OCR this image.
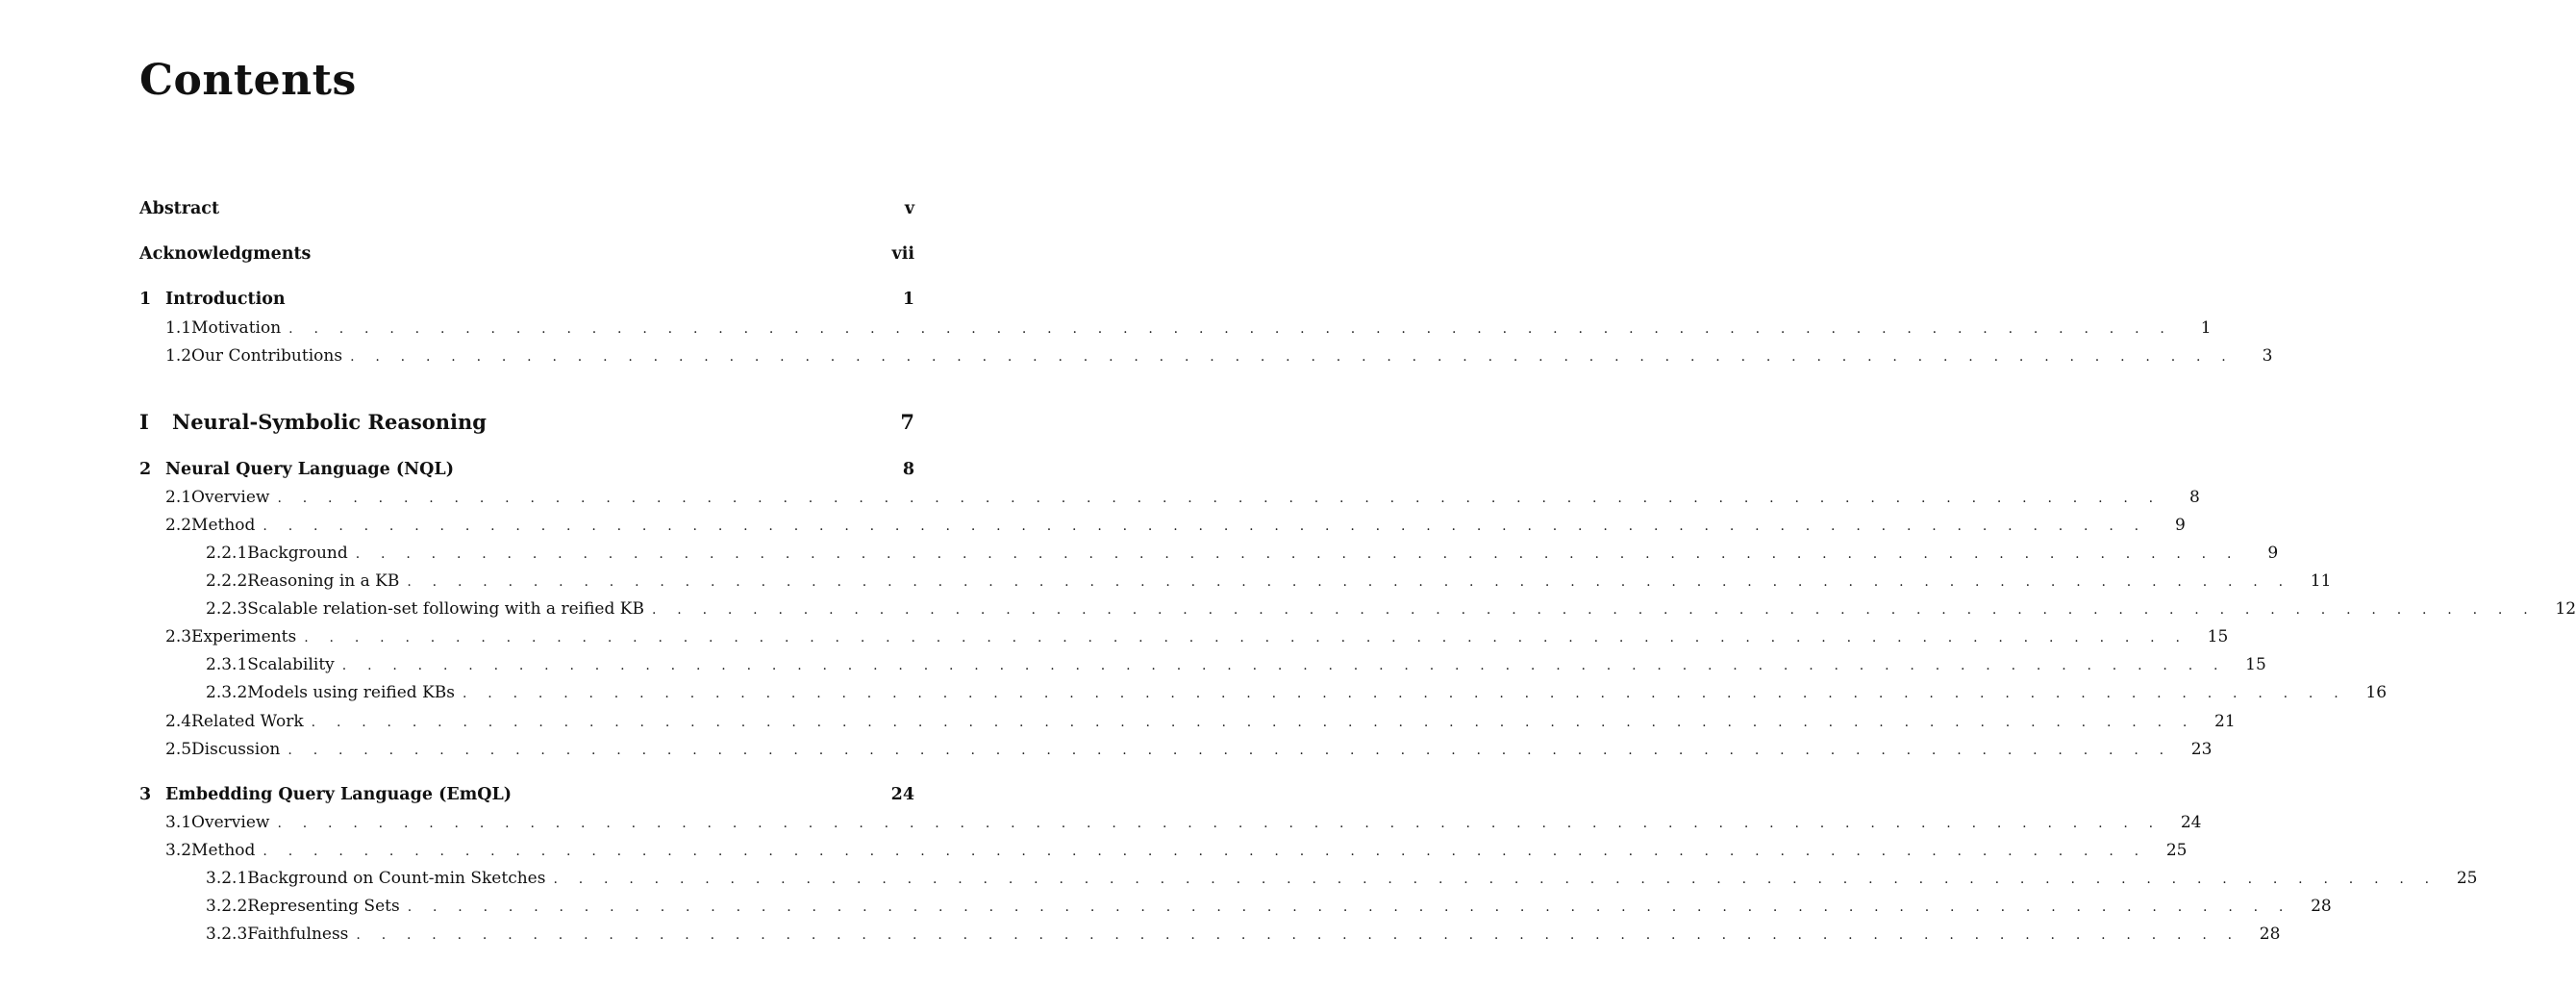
Contents
Abstract	v
Acknowledgments	vii
1 Introduction	1
1.1 Motivation . . . . . . . . . . . . . . . . . . . . . . . . . . . . . . . . . . . . . . . . . . . . . . . . . . . . . . . . . . . . . . . . . . . . . . . . . . .	1
1.2 Our Contributions . . . . . . . . . . . . . . . . . . . . . . . . . . . . . . . . . . . . . . . . . . . . . . . . . . . . . . . . . . . . . . . . . . . . . . . . . . .	3
I	Neural-Symbolic Reasoning	7
2 Neural Query Language (NQL)	8
2.1 Overview . . . . . . . . . . . . . . . . . . . . . . . . . . . . . . . . . . . . . . . . . . . . . . . . . . . . . . . . . . . . . . . . . . . . . . . . . . .	8
2.2 Method . . . . . . . . . . . . . . . . . . . . . . . . . . . . . . . . . . . . . . . . . . . . . . . . . . . . . . . . . . . . . . . . . . . . . . . . . . .	9
2.2.1 Background . . . . . . . . . . . . . . . . . . . . . . . . . . . . . . . . . . . . . . . . . . . . . . . . . . . . . . . . . . . . . . . . . . . . . . . . . . .	9
2.2.2 Reasoning in a KB . . . . . . . . . . . . . . . . . . . . . . . . . . . . . . . . . . . . . . . . . . . . . . . . . . . . . . . . . . . . . . . . . . . . . . . . . . . 11
2.2.3 Scalable relation-set following with a reified KB . . . . . . . . . . . . . . . . . . . . . . . . . . . . . . . . . . . . . . . . . . . . . . . . . . . . . . . . . . . . . . . . . . . . . . . . . . . 12
2.3 Experiments . . . . . . . . . . . . . . . . . . . . . . . . . . . . . . . . . . . . . . . . . . . . . . . . . . . . . . . . . . . . . . . . . . . . . . . . . . . 15
2.3.1 Scalability . . . . . . . . . . . . . . . . . . . . . . . . . . . . . . . . . . . . . . . . . . . . . . . . . . . . . . . . . . . . . . . . . . . . . . . . . . . 15
2.3.2 Models using reified KBs . . . . . . . . . . . . . . . . . . . . . . . . . . . . . . . . . . . . . . . . . . . . . . . . . . . . . . . . . . . . . . . . . . . . . . . . . . . 16
2.4 Related Work . . . . . . . . . . . . . . . . . . . . . . . . . . . . . . . . . . . . . . . . . . . . . . . . . . . . . . . . . . . . . . . . . . . . . . . . . . . 21
2.5 Discussion . . . . . . . . . . . . . . . . . . . . . . . . . . . . . . . . . . . . . . . . . . . . . . . . . . . . . . . . . . . . . . . . . . . . . . . . . . . 23
3 Embedding Query Language (EmQL)	24
3.1 Overview . . . . . . . . . . . . . . . . . . . . . . . . . . . . . . . . . . . . . . . . . . . . . . . . . . . . . . . . . . . . . . . . . . . . . . . . . . . 24
3.2 Method . . . . . . . . . . . . . . . . . . . . . . . . . . . . . . . . . . . . . . . . . . . . . . . . . . . . . . . . . . . . . . . . . . . . . . . . . . . 25
3.2.1 Background on Count-min Sketches . . . . . . . . . . . . . . . . . . . . . . . . . . . . . . . . . . . . . . . . . . . . . . . . . . . . . . . . . . . . . . . . . . . . . . . . . . . 25
3.2.2 Representing Sets . . . . . . . . . . . . . . . . . . . . . . . . . . . . . . . . . . . . . . . . . . . . . . . . . . . . . . . . . . . . . . . . . . . . . . . . . . . 28
3.2.3 Faithfulness . . . . . . . . . . . . . . . . . . . . . . . . . . . . . . . . . . . . . . . . . . . . . . . . . . . . . . . . . . . . . . . . . . . . . . . . . . . 28
